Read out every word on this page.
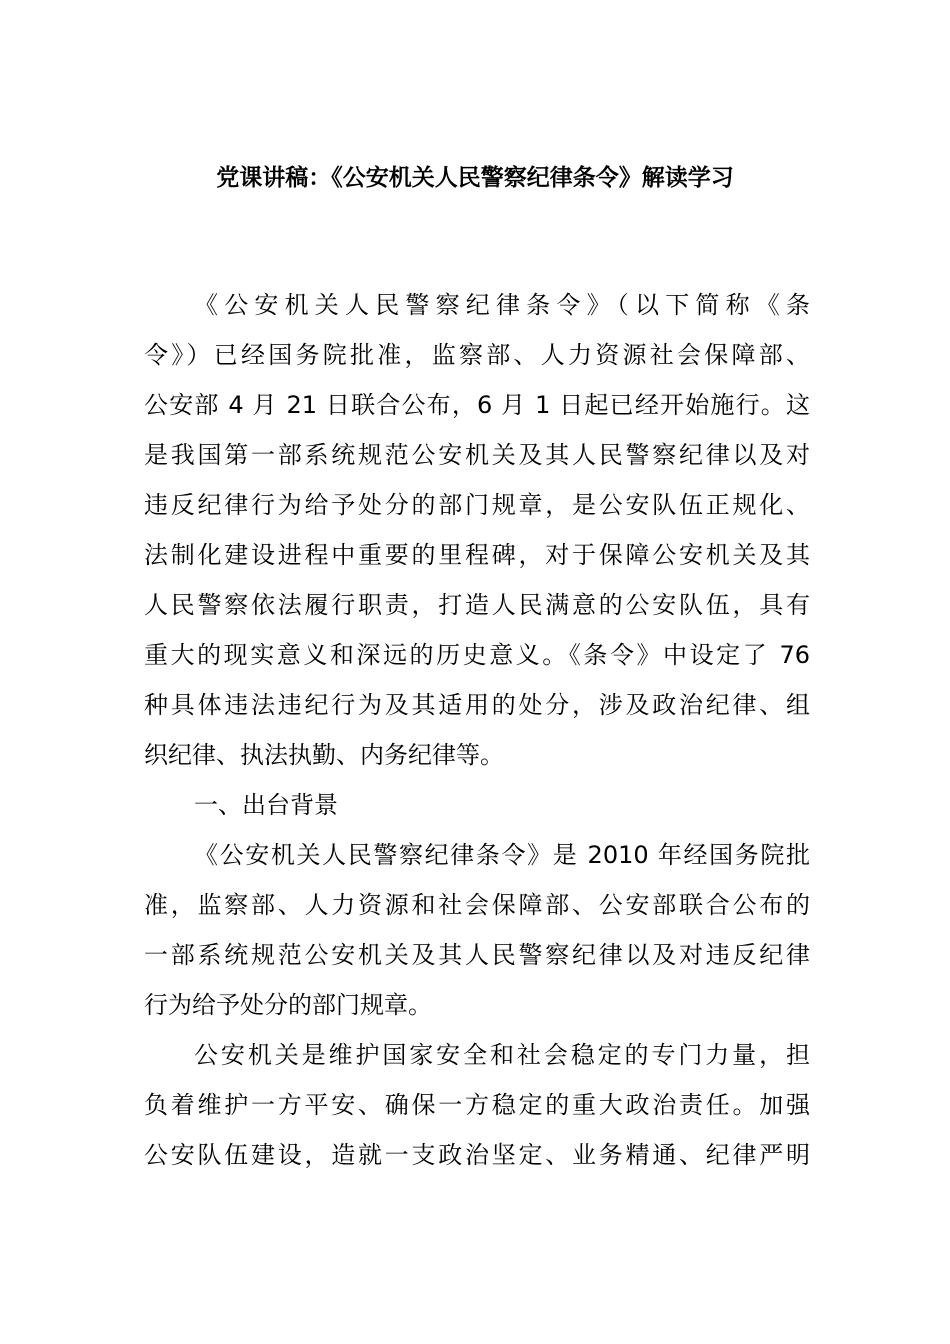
党课讲稿：《公安机关人民警察纪律条令》解读学习
《公安机关人民警察纪律条令》（以下简称《条
令》）已经国务院批准，监察部、人力资源社会保障部、
公安部 4 月 21 日联合公布，6 月 1 日起已经开始施行。这
是我国第一部系统规范公安机关及其人民警察纪律以及对
违反纪律行为给予处分的部门规章，是公安队伍正规化、
法制化建设进程中重要的里程碑，对于保障公安机关及其
人民警察依法履行职责，打造人民满意的公安队伍，具有
重大的现实意义和深远的历史意义。《条令》中设定了 76
种具体违法违纪行为及其适用的处分，涉及政治纪律、组
织纪律、执法执勤、内务纪律等。
一、出台背景
《公安机关人民警察纪律条令》是 2010 年经国务院批
准，监察部、人力资源和社会保障部、公安部联合公布的
一部系统规范公安机关及其人民警察纪律以及对违反纪律
行为给予处分的部门规章。
公安机关是维护国家安全和社会稳定的专门力量，担
负着维护一方平安、确保一方稳定的重大政治责任。加强
公安队伍建设，造就一支政治坚定、业务精通、纪律严明
